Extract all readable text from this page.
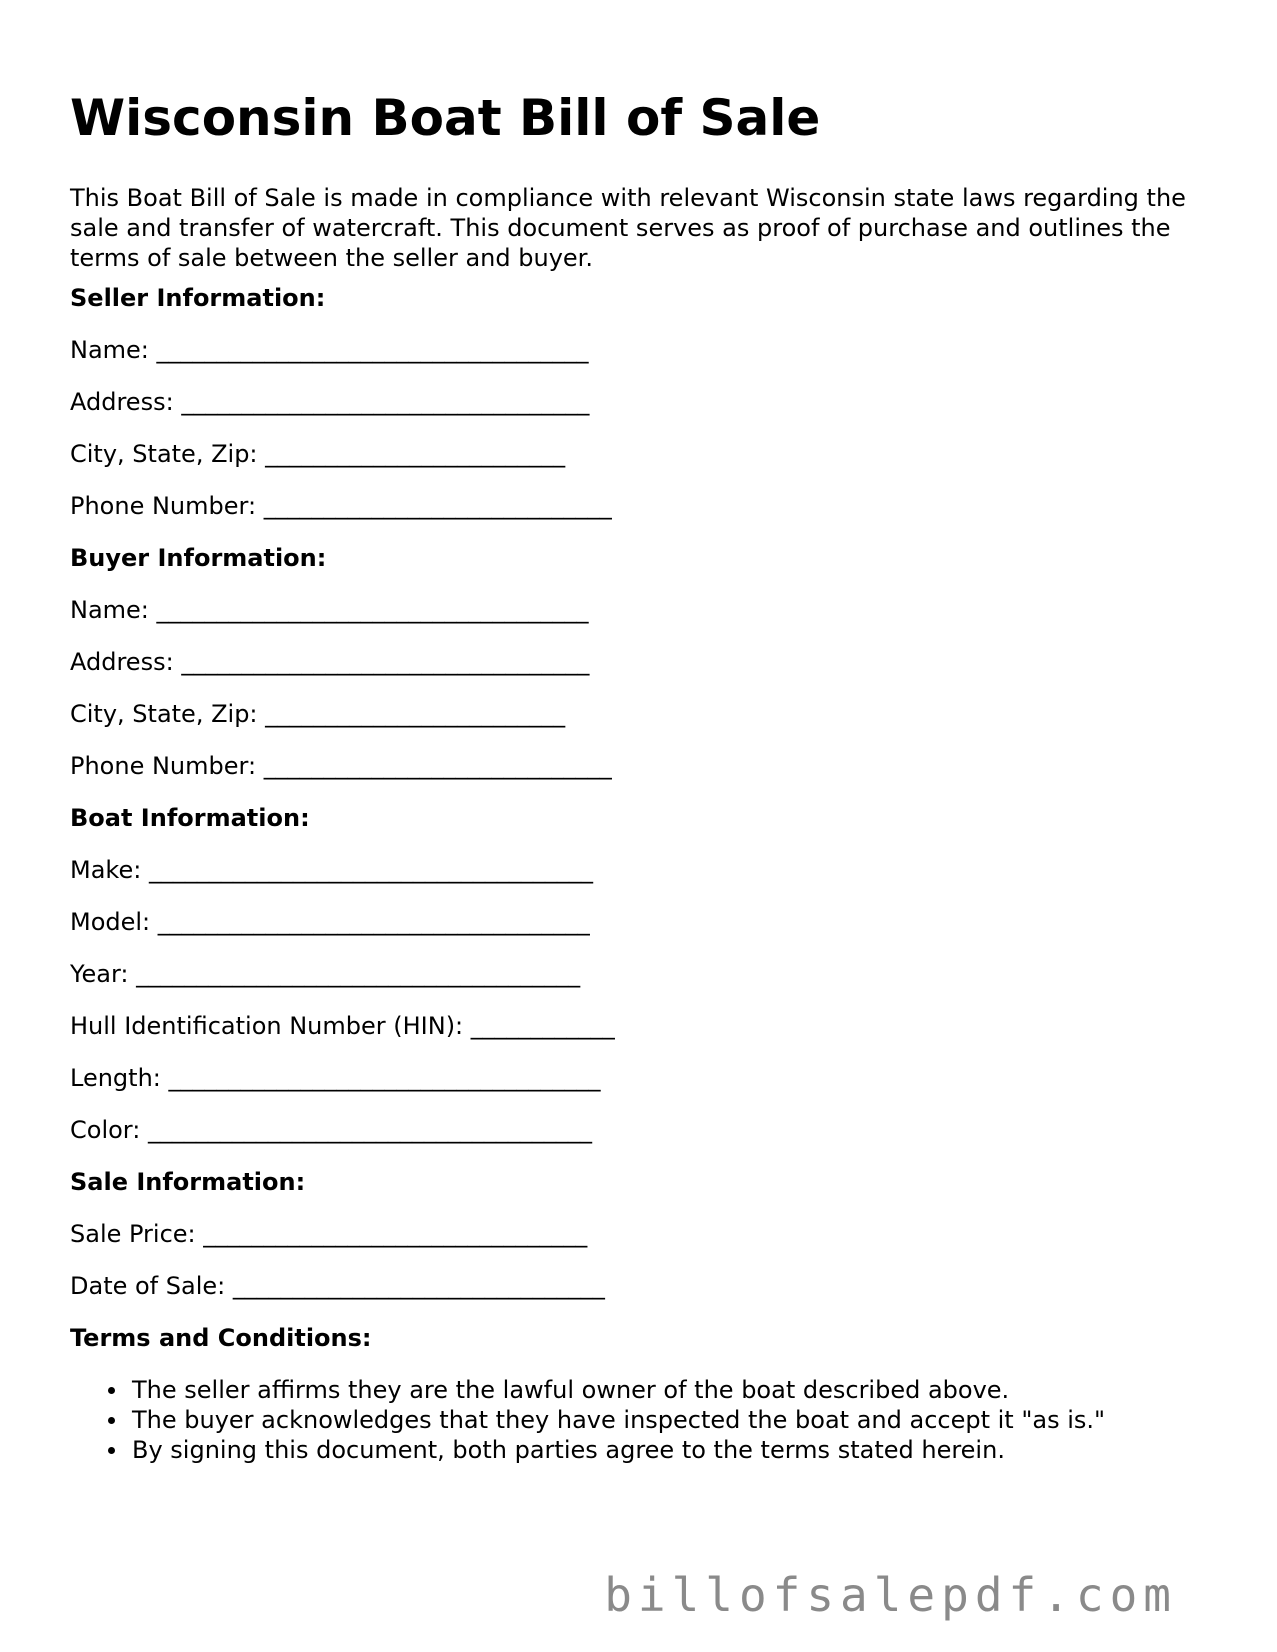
Wisconsin Boat Bill of Sale

This Boat Bill of Sale is made in compliance with relevant Wisconsin state laws regarding the sale and transfer of watercraft. This document serves as proof of purchase and outlines the terms of sale between the seller and buyer.

Seller Information:
Name: ____________________________________
Address: __________________________________
City, State, Zip: _________________________
Phone Number: _____________________________
Buyer Information:
Name: ____________________________________
Address: __________________________________
City, State, Zip: _________________________
Phone Number: _____________________________
Boat Information:
Make: _____________________________________
Model: ____________________________________
Year: _____________________________________
Hull Identification Number (HIN): ____________
Length: ____________________________________
Color: _____________________________________
Sale Information:
Sale Price: ________________________________
Date of Sale: _______________________________
Terms and Conditions:
The seller affirms they are the lawful owner of the boat described above.
The buyer acknowledges that they have inspected the boat and accept it "as is."
By signing this document, both parties agree to the terms stated herein.
billofsalepdf.com
